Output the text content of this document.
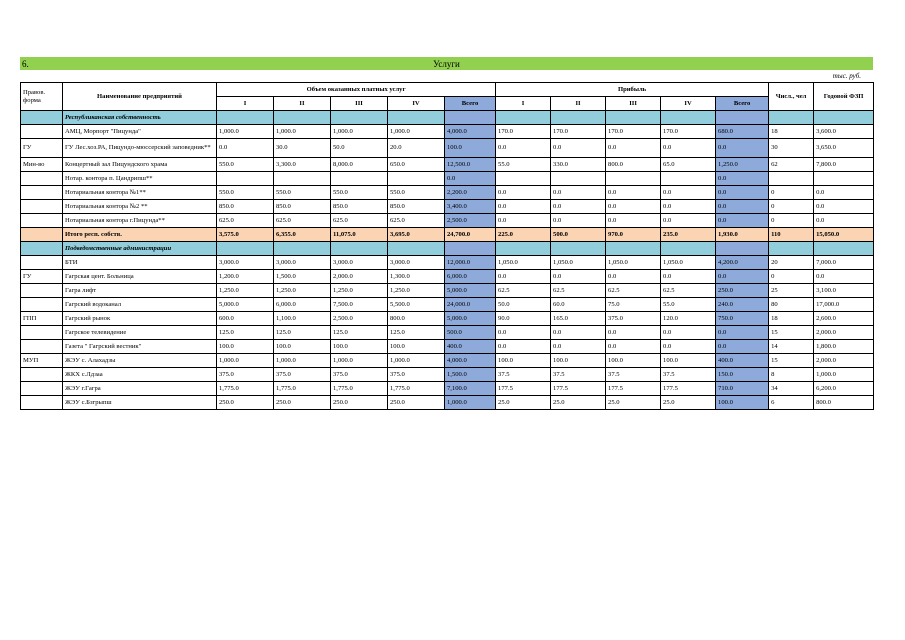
6.	Услуги
тыс. руб.
Правов. форма	Наименование предприятий	Объем оказанных платных услуг					Прибыль					Числ., чел	Годовой ФЗП
		I	II	III	IV	Всего	I	II	III	IV	Всего		
	Республиканская собственность												
	АМЦ, Морпорт "Пицунда"	1,000.0	1,000.0	1,000.0	1,000.0	4,000.0	170.0	170.0	170.0	170.0	680.0	18	3,600.0
ГУ	ГУ Лес.хоз.РА, Пицундо-мюссерский заповедник**	0.0	30.0	50.0	20.0	100.0	0.0	0.0	0.0	0.0	0.0	30	3,650.0
Мин-во	Концертный зал Пицундского храма	550.0	3,300.0	8,000.0	650.0	12,500.0	55.0	330.0	800.0	65.0	1,250.0	62	7,800.0
	Нотар. контора п. Цандрипш**					0.0					0.0		
	Нотариальная контора №1**	550.0	550.0	550.0	550.0	2,200.0	0.0	0.0	0.0	0.0	0.0	0	0.0
	Нотариальная контора №2 **	850.0	850.0	850.0	850.0	3,400.0	0.0	0.0	0.0	0.0	0.0	0	0.0
	Нотариальная контора г.Пицунда**	625.0	625.0	625.0	625.0	2,500.0	0.0	0.0	0.0	0.0	0.0	0	0.0
	Итого респ. собств.	3,575.0	6,355.0	11,075.0	3,695.0	24,700.0	225.0	500.0	970.0	235.0	1,930.0	110	15,050.0
	Подведомственные администрации												
	БТИ	3,000.0	3,000.0	3,000.0	3,000.0	12,000.0	1,050.0	1,050.0	1,050.0	1,050.0	4,200.0	20	7,000.0
ГУ	Гагрская цент. Больница	1,200.0	1,500.0	2,000.0	1,300.0	6,000.0	0.0	0.0	0.0	0.0	0.0	0	0.0
	Гагра лифт	1,250.0	1,250.0	1,250.0	1,250.0	5,000.0	62.5	62.5	62.5	62.5	250.0	25	3,100.0
	Гагрский водоканал	5,000.0	6,000.0	7,500.0	5,500.0	24,000.0	50.0	60.0	75.0	55.0	240.0	80	17,000.0
ГПП	Гагрский рынок	600.0	1,100.0	2,500.0	800.0	5,000.0	90.0	165.0	375.0	120.0	750.0	18	2,600.0
	Гагрское телевидение	125.0	125.0	125.0	125.0	500.0	0.0	0.0	0.0	0.0	0.0	15	2,000.0
	Газета " Гагрский вестник"	100.0	100.0	100.0	100.0	400.0	0.0	0.0	0.0	0.0	0.0	14	1,800.0
МУП	ЖЭУ с. Алахадзы	1,000.0	1,000.0	1,000.0	1,000.0	4,000.0	100.0	100.0	100.0	100.0	400.0	15	2,000.0
	ЖКХ с.Лдзаа	375.0	375.0	375.0	375.0	1,500.0	37.5	37.5	37.5	37.5	150.0	8	1,000.0
	ЖЭУ г.Гагра	1,775.0	1,775.0	1,775.0	1,775.0	7,100.0	177.5	177.5	177.5	177.5	710.0	34	6,200.0
	ЖЭУ с.Бзгрыпш	250.0	250.0	250.0	250.0	1,000.0	25.0	25.0	25.0	25.0	100.0	6	800.0
